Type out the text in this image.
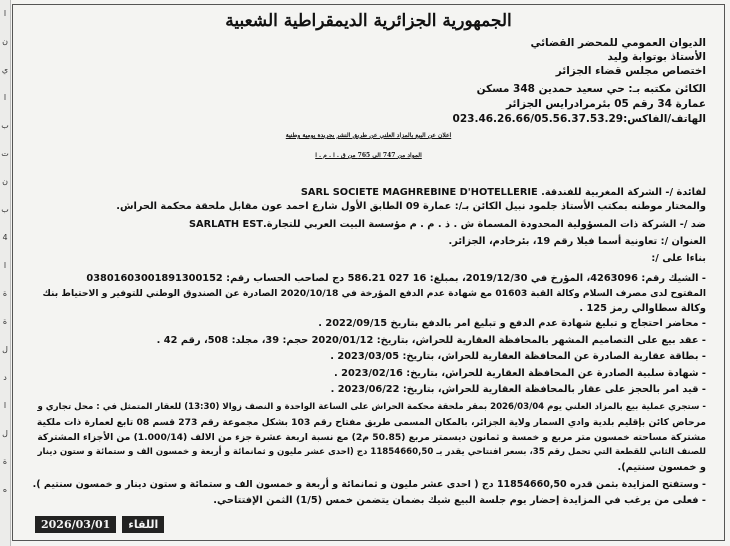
ا
ن
ي
ا
ب
ت
ن
ب
4
ا
ة
ة
ل
د
ا
ل
ة
ه
الجمهورية الجزائرية الديمقراطية الشعبية
الديوان العمومي للمحضر القضائي
الأستاذ بوتوابة وليد
اختصاص مجلس قضاء الجزائر
الكائن مكتبه بـ: حي سعيد حمدين 348 مسكن
عمارة 34 رقم 05 بئرمرادرايس الجزائر
الهاتف/الفاكس:023.46.26.66/05.56.37.53.29
اعلان عن البيع بالمزاد العلني عن طريق النشر بجريدة يومية وطنية
المواد من 747 الى 765 من ق . ا . م . ا
لفائدة /- الشركة المغربية للفندقة. SARL SOCIETE MAGHREBINE D'HOTELLERIE
والمختار موطنه بمكتب الأستاذ جلمود نبيل الكائن بـ/: عمارة 09 الطابق الأول شارع احمد عون مقابل ملحقة محكمة الحراش.
ضد /- الشركة ذات المسؤولية المحدودة المسماة ش . ذ . م . م مؤسسة البيت العربي للتجارة.SARLATH EST
العنوان /: تعاونية أسما فيلا رقم 19، بئرخادم، الجزائر.
بناءا على /:
- الشيك رقم: 4263096، المؤرخ في 2019/12/30، بمبلغ: 16 027 586.21 دج لصاحب الحساب رقم: 03801603001891300152
المفتوح لدى مصرف السلام وكالة القبة 01603 مع شهادة عدم الدفع المؤرخة في 2020/10/18 الصادرة عن الصندوق الوطني للتوفير و الاحتياط بنك
وكالة سطاوالي رمز 125 .
- محاضر احتجاج و تبليغ شهادة عدم الدفع و تبليغ امر بالدفع بتاريخ 2022/09/15 .
- عقد بيع على التصاميم المشهر بالمحافظة العقارية للحراش، بتاريخ: 2020/01/12 حجم: 39، مجلد: 508، رقم 42 .
- بطاقة عقارية الصادرة عن المحافظة العقارية للحراش، بتاريخ: 2023/03/05 .
- شهادة سلبية الصادرة عن المحافظة العقارية للحراش، بتاريخ: 2023/02/16 .
- قيد امر بالحجز على عقار بالمحافظة العقارية للحراش، بتاريخ: 2023/06/22 .
- ستجري عملية بيع بالمزاد العلني يوم 2026/03/04 بمقر ملحقة محكمة الحراش على الساعة الواحدة و النصف زوالا (13:30) للعقار المتمثل في : محل تجاري و
مرحاض كائن بإقليم بلدية وادي السمار ولاية الجزائر، بالمكان المسمى طريق مفتاح رقم 103 بشكل مجموعة رقم 273 قسم 08 تابع لعمارة ذات ملكية
مشتركة مساحته خمسون متر مربع و خمسة و ثمانون ديسمتر مربع (50.85 م2) مع نسبة اربعة عشرة جزء من الالف (1.000/14) من الأجزاء المشتركة
للصنف الثاني للقطعة التي تحمل رقم 35، بسعر افتتاحي يقدر بـ 11854660,50 دج (احدى عشر مليون و ثمانمائة و أربعة و خمسون الف و ستمائة و ستون دينار
و خمسون سنتيم).
- وستفتح المزايدة بثمن قدره 11854660,50 دج ( احدى عشر مليون و ثمانمائة و أربعة و خمسون الف و ستمائة و ستون دينار و خمسون سنتيم ).
- فعلى من يرغب في المزايدة إحضار يوم جلسة البيع شيك بضمان يتضمن خمس (1/5) الثمن الإفتتاحي.
2026/03/01	اللقاء
